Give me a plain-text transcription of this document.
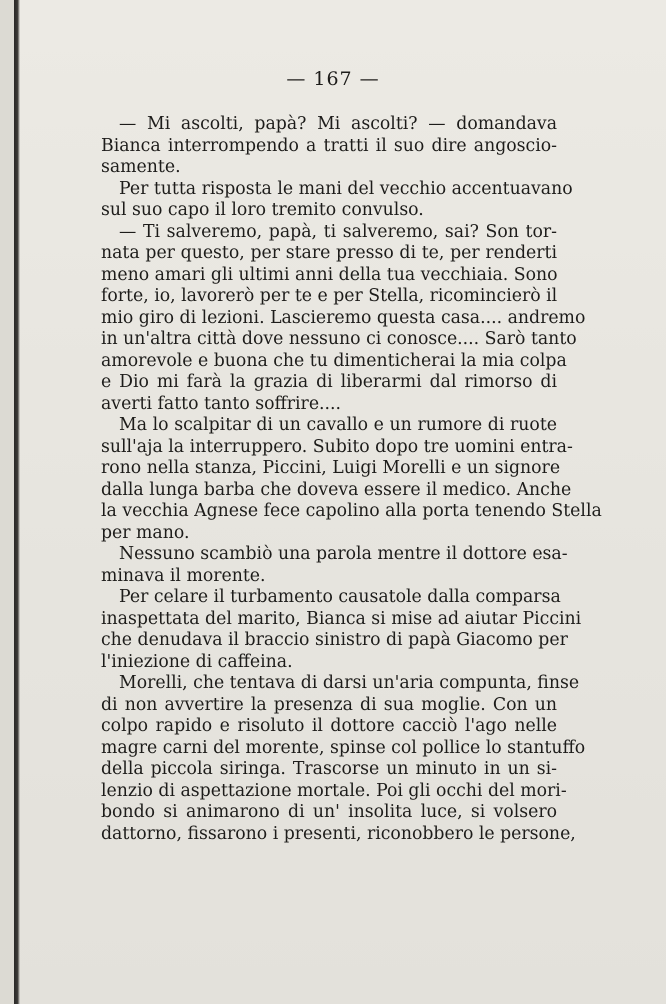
— 167 —
— Mi ascolti, papà? Mi ascolti? — domandava
Bianca interrompendo a tratti il suo dire angoscio-
samente.
Per tutta risposta le mani del vecchio accentuavano
sul suo capo il loro tremito convulso.
— Ti salveremo, papà, ti salveremo, sai? Son tor-
nata per questo, per stare presso di te, per renderti
meno amari gli ultimi anni della tua vecchiaia. Sono
forte, io, lavorerò per te e per Stella, ricomincierò il
mio giro di lezioni. Lascieremo questa casa.... andremo
in un'altra città dove nessuno ci conosce.... Sarò tanto
amorevole e buona che tu dimenticherai la mia colpa
e Dio mi farà la grazia di liberarmi dal rimorso di
averti fatto tanto soffrire....
Ma lo scalpitar di un cavallo e un rumore di ruote
sull'aja la interruppero. Subito dopo tre uomini entra-
rono nella stanza, Piccini, Luigi Morelli e un signore
dalla lunga barba che doveva essere il medico. Anche
la vecchia Agnese fece capolino alla porta tenendo Stella
per mano.
Nessuno scambiò una parola mentre il dottore esa-
minava il morente.
Per celare il turbamento causatole dalla comparsa
inaspettata del marito, Bianca si mise ad aiutar Piccini
che denudava il braccio sinistro di papà Giacomo per
l'iniezione di caffeina.
Morelli, che tentava di darsi un'aria compunta, finse
di non avvertire la presenza di sua moglie. Con un
colpo rapido e risoluto il dottore cacciò l'ago nelle
magre carni del morente, spinse col pollice lo stantuffo
della piccola siringa. Trascorse un minuto in un si-
lenzio di aspettazione mortale. Poi gli occhi del mori-
bondo si animarono di un' insolita luce, si volsero
dattorno, fissarono i presenti, riconobbero le persone,
